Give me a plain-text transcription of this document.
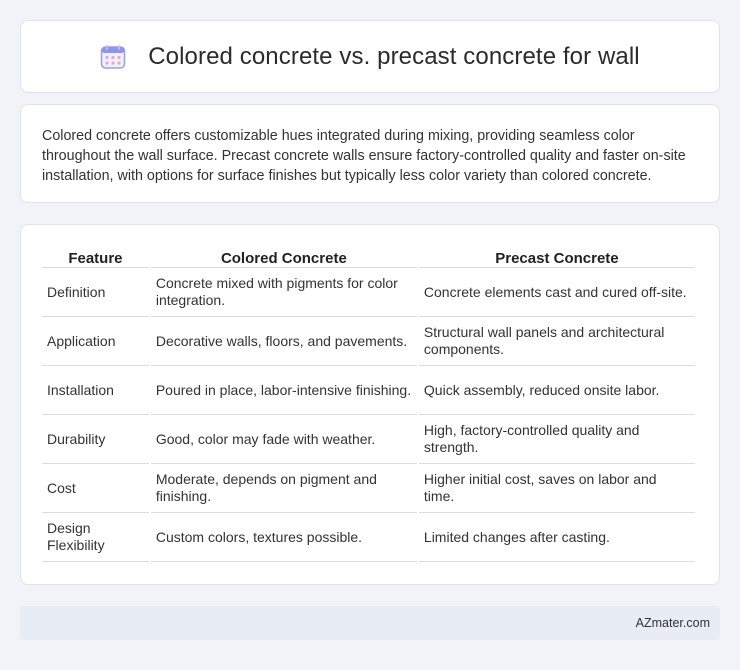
Colored concrete vs. precast concrete for wall

Colored concrete offers customizable hues integrated during mixing, providing seamless color throughout the wall surface. Precast concrete walls ensure factory-controlled quality and faster on-site installation, with options for surface finishes but typically less color variety than colored concrete.

Feature	Colored Concrete	Precast Concrete
Definition	Concrete mixed with pigments for color integration.	Concrete elements cast and cured off-site.
Application	Decorative walls, floors, and pavements.	Structural wall panels and architectural components.
Installation	Poured in place, labor-intensive finishing.	Quick assembly, reduced onsite labor.
Durability	Good, color may fade with weather.	High, factory-controlled quality and strength.
Cost	Moderate, depends on pigment and finishing.	Higher initial cost, saves on labor and time.
Design Flexibility	Custom colors, textures possible.	Limited changes after casting.
AZmater.com
